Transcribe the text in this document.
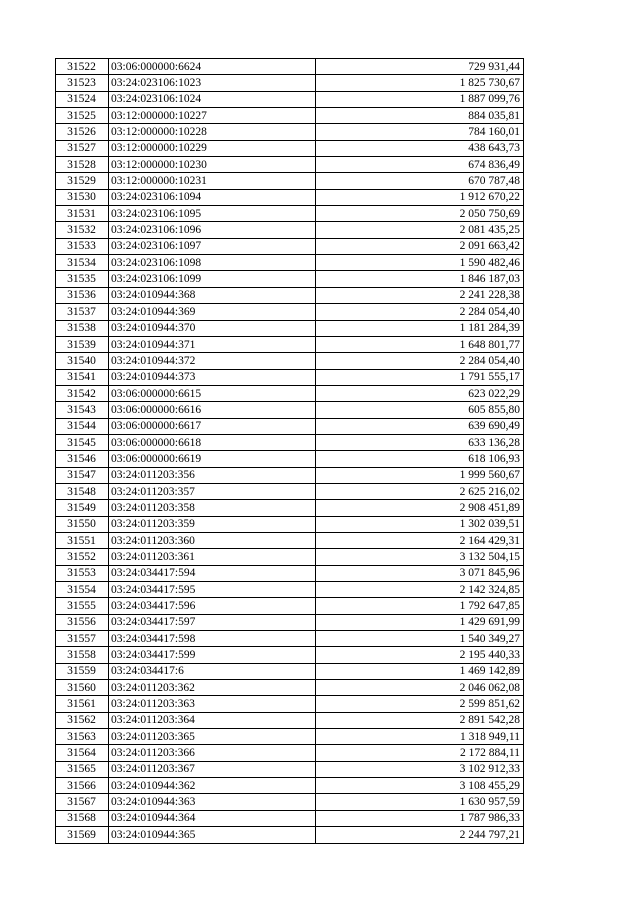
31522	03:06:000000:6624	729 931,44
31523	03:24:023106:1023	1 825 730,67
31524	03:24:023106:1024	1 887 099,76
31525	03:12:000000:10227	884 035,81
31526	03:12:000000:10228	784 160,01
31527	03:12:000000:10229	438 643,73
31528	03:12:000000:10230	674 836,49
31529	03:12:000000:10231	670 787,48
31530	03:24:023106:1094	1 912 670,22
31531	03:24:023106:1095	2 050 750,69
31532	03:24:023106:1096	2 081 435,25
31533	03:24:023106:1097	2 091 663,42
31534	03:24:023106:1098	1 590 482,46
31535	03:24:023106:1099	1 846 187,03
31536	03:24:010944:368	2 241 228,38
31537	03:24:010944:369	2 284 054,40
31538	03:24:010944:370	1 181 284,39
31539	03:24:010944:371	1 648 801,77
31540	03:24:010944:372	2 284 054,40
31541	03:24:010944:373	1 791 555,17
31542	03:06:000000:6615	623 022,29
31543	03:06:000000:6616	605 855,80
31544	03:06:000000:6617	639 690,49
31545	03:06:000000:6618	633 136,28
31546	03:06:000000:6619	618 106,93
31547	03:24:011203:356	1 999 560,67
31548	03:24:011203:357	2 625 216,02
31549	03:24:011203:358	2 908 451,89
31550	03:24:011203:359	1 302 039,51
31551	03:24:011203:360	2 164 429,31
31552	03:24:011203:361	3 132 504,15
31553	03:24:034417:594	3 071 845,96
31554	03:24:034417:595	2 142 324,85
31555	03:24:034417:596	1 792 647,85
31556	03:24:034417:597	1 429 691,99
31557	03:24:034417:598	1 540 349,27
31558	03:24:034417:599	2 195 440,33
31559	03:24:034417:6	1 469 142,89
31560	03:24:011203:362	2 046 062,08
31561	03:24:011203:363	2 599 851,62
31562	03:24:011203:364	2 891 542,28
31563	03:24:011203:365	1 318 949,11
31564	03:24:011203:366	2 172 884,11
31565	03:24:011203:367	3 102 912,33
31566	03:24:010944:362	3 108 455,29
31567	03:24:010944:363	1 630 957,59
31568	03:24:010944:364	1 787 986,33
31569	03:24:010944:365	2 244 797,21
